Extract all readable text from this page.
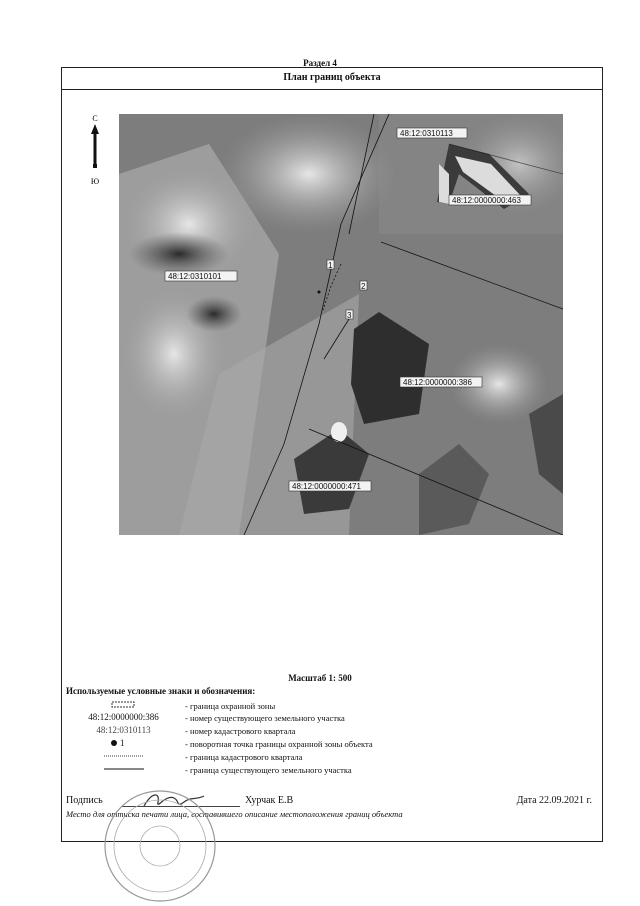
Раздел 4
План границ объекта
С
Ю
48:12:0310113
48:12:0000000:463
48:12:0310101
48:12:0000000:386
48:12:0000000:471
1
2
3
Масштаб 1: 500
Используемые условные знаки и обозначения:
- граница охранной зоны
48:12:0000000:386	- номер существующего земельного участка
48:12:0310113	- номер кадастрового квартала
1	- поворотная точка границы охранной зоны объекта
- граница кадастрового квартала
- граница существующего земельного участка
Подпись	Хурчак Е.В	Дата 22.09.2021 г.
Место для оттиска печати лица, составившего описание местоположения границ объекта
